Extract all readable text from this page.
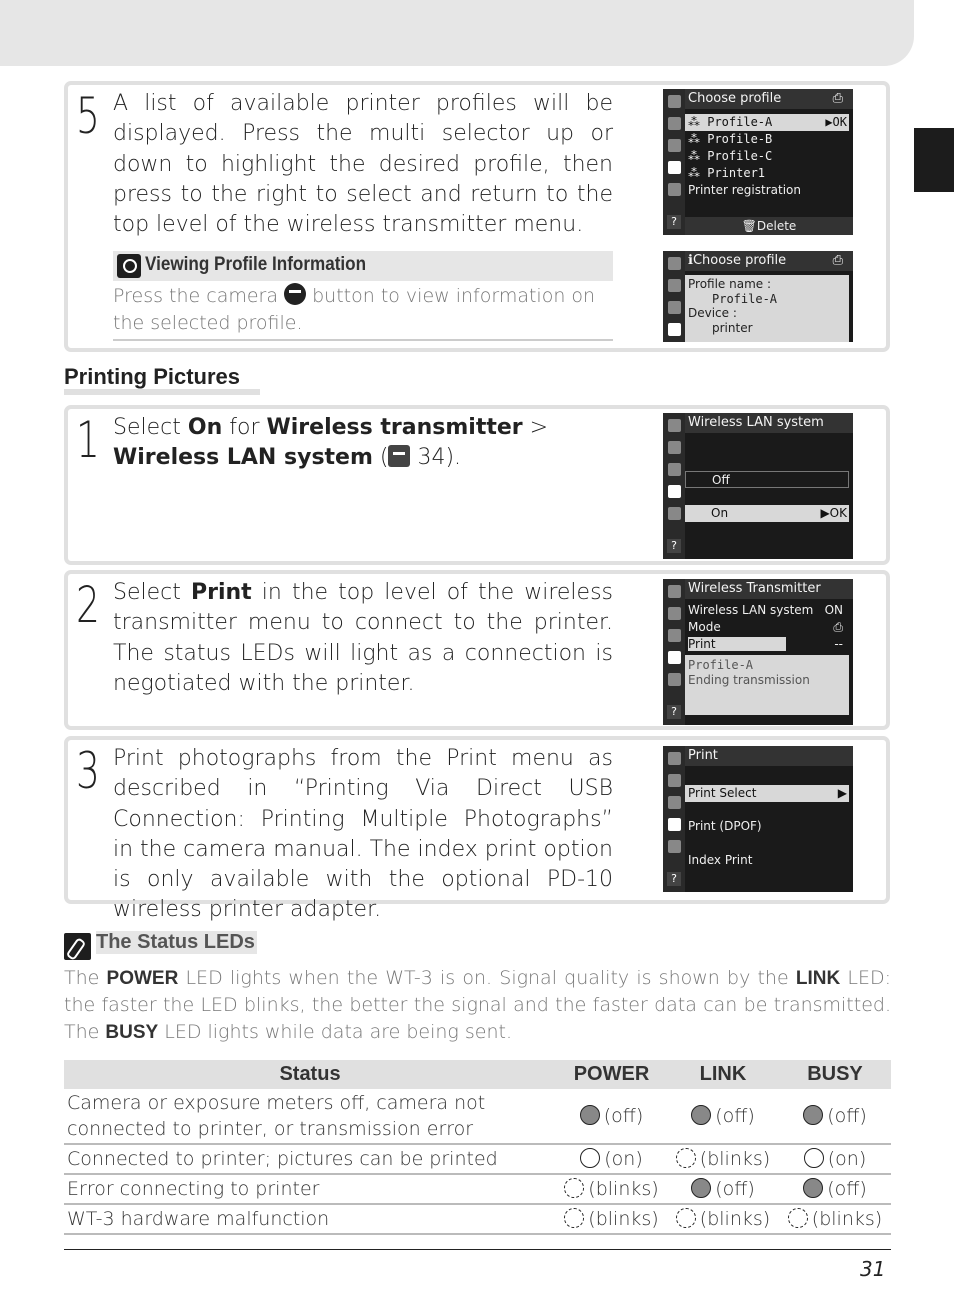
5 A list of available printer profiles will be displayed. Press the multi selector up or down to highlight the desired profile, then press to the right to select and return to the top level of the wireless transmitter menu.
Viewing Profile Information
Press the camera button to view information on the selected profile.
?
Choose profile	⎙
⁂ Profile-A	▶OK
⁂ Profile-B
⁂ Profile-C
⁂ Printer1
Printer registration
🗑Delete
ℹChoose profile	⎙
Profile name :
Profile-A
Device :
printer
Printing Pictures
1 Select On for Wireless transmitter > Wireless LAN system ( 34).
?
Wireless LAN system
Off
On	▶OK
2 Select Print in the top level of the wireless transmitter menu to connect to the printer. The status LEDs will light as a connection is negotiated with the printer.
?
Wireless Transmitter
Wireless LAN system ON
Mode	⎙
Print	--
Profile-A
Ending transmission
3 Print photographs from the Print menu as described in “Printing Via Direct USB Connection: Printing Multiple Photographs” in the camera manual. The index print option is only available with the optional PD-10 wireless printer adapter.
?
Print
Print Select	▶
Print (DPOF)
Index Print
The Status LEDs
The POWER LED lights when the WT-3 is on. Signal quality is shown by the LINK LED: the faster the LED blinks, the better the signal and the faster data can be transmitted. The BUSY LED lights while data are being sent.
Status	POWER	LINK	BUSY
Camera or exposure meters off, camera not connected to printer, or transmission error	(off)	(off)	(off)
Connected to printer; pictures can be printed	(on)	(blinks)	(on)
Error connecting to printer	(blinks)	(off)	(off)
WT-3 hardware malfunction	(blinks)	(blinks)	(blinks)
31
